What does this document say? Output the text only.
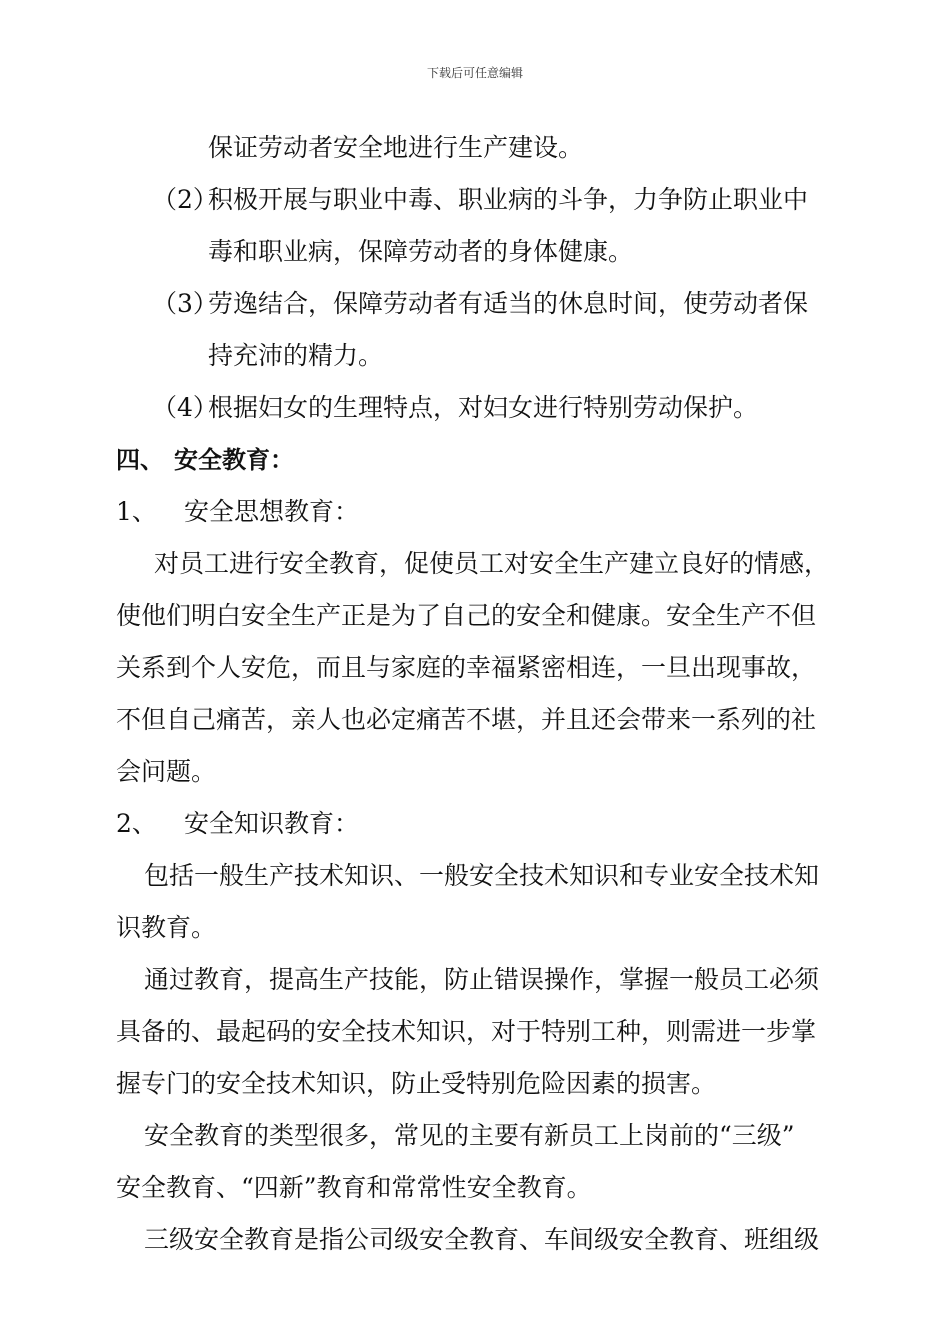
下载后可任意编辑
保证劳动者安全地进行生产建设。
（2）积极开展与职业中毒、职业病的斗争，力争防止职业中
毒和职业病，保障劳动者的身体健康。
（3）劳逸结合，保障劳动者有适当的休息时间，使劳动者保
持充沛的精力。
（4）根据妇女的生理特点，对妇女进行特别劳动保护。
四、 安全教育：
1、 安全思想教育：
对员工进行安全教育，促使员工对安全生产建立良好的情感，
使他们明白安全生产正是为了自己的安全和健康。安全生产不但
关系到个人安危，而且与家庭的幸福紧密相连，一旦出现事故，
不但自己痛苦，亲人也必定痛苦不堪，并且还会带来一系列的社
会问题。
2、 安全知识教育：
包括一般生产技术知识、一般安全技术知识和专业安全技术知
识教育。
通过教育，提高生产技能，防止错误操作，掌握一般员工必须
具备的、最起码的安全技术知识，对于特别工种，则需进一步掌
握专门的安全技术知识，防止受特别危险因素的损害。
安全教育的类型很多，常见的主要有新员工上岗前的“三级”
安全教育、“四新”教育和常常性安全教育。
三级安全教育是指公司级安全教育、车间级安全教育、班组级
